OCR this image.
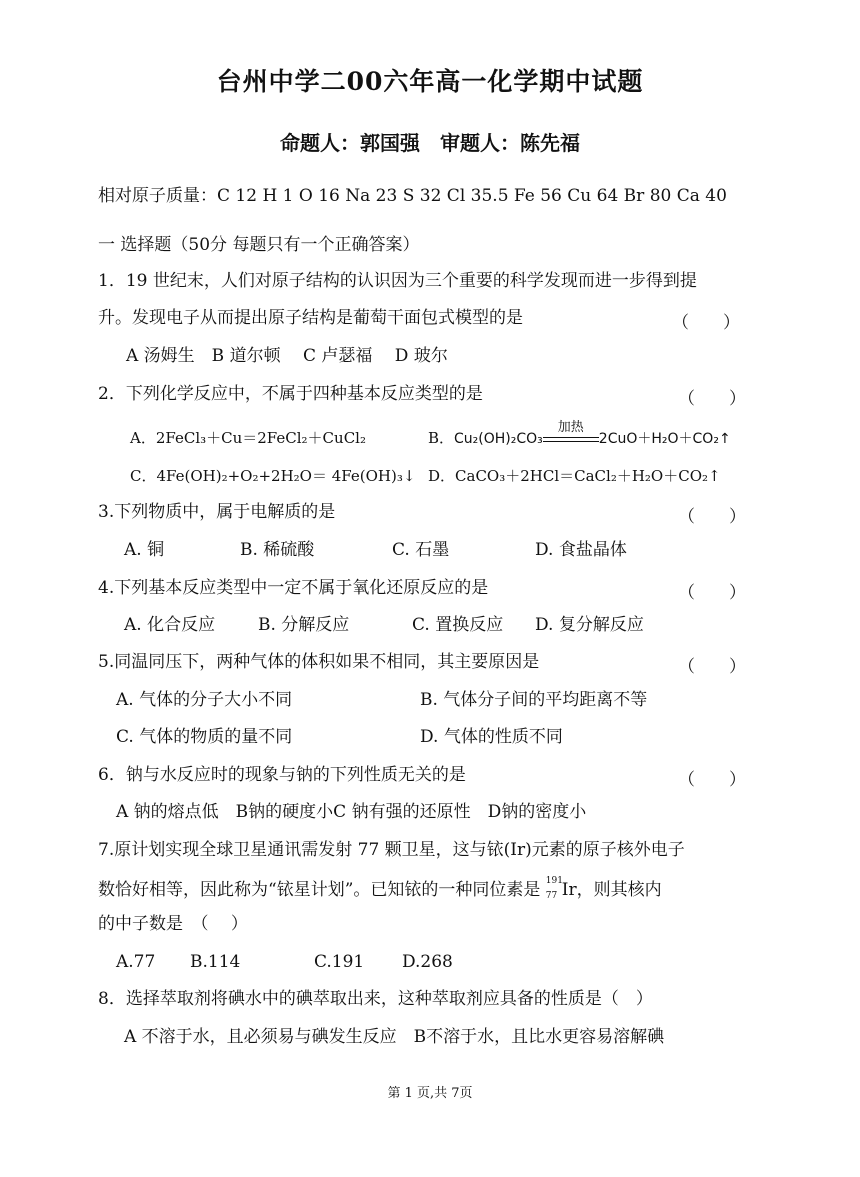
台州中学二00六年高一化学期中试题
命题人：郭国强　审题人：陈先福
相对原子质量：C 12 H 1 O 16 Na 23 S 32 Cl 35.5 Fe 56 Cu 64 Br 80 Ca 40
一 选择题（50分 每题只有一个正确答案）
1．19 世纪末，人们对原子结构的认识因为三个重要的科学发现而进一步得到提
升。发现电子从而提出原子结构是葡萄干面包式模型的是	（　　）
A 汤姆生　B 道尔顿　 C 卢瑟福　 D 玻尔
2．下列化学反应中，不属于四种基本反应类型的是	（　　）
A．2FeCl₃＋Cu＝2FeCl₂＋CuCl₂	B．Cu₂(OH)₂CO₃
加热
2CuO＋H₂O＋CO₂↑
C．4Fe(OH)₂+O₂+2H₂O＝ 4Fe(OH)₃↓ D．CaCO₃＋2HCl＝CaCl₂＋H₂O＋CO₂↑
3.下列物质中，属于电解质的是	（　　）
A. 铜	B. 稀硫酸	C. 石墨	D. 食盐晶体
4.下列基本反应类型中一定不属于氧化还原反应的是	（　　）
A. 化合反应	B. 分解反应	C. 置换反应 D. 复分解反应
5.同温同压下，两种气体的体积如果不相同，其主要原因是	（　　）
A. 气体的分子大小不同	B. 气体分子间的平均距离不等
C. 气体的物质的量不同	D. 气体的性质不同
6．钠与水反应时的现象与钠的下列性质无关的是	（　　）
A 钠的熔点低　B钠的硬度小C 钠有强的还原性　D钠的密度小
7.原计划实现全球卫星通讯需发射 77 颗卫星，这与铱(Ir)元素的原子核外电子
数恰好相等，因此称为“铱星计划”。已知铱的一种同位素是 191
77 Ir，则其核内
的中子数是　（　 ）
A.77 B.114	C.191 D.268
8．选择萃取剂将碘水中的碘萃取出来，这种萃取剂应具备的性质是（　）
A 不溶于水，且必须易与碘发生反应　B不溶于水，且比水更容易溶解碘
第 1 页,共 7页
